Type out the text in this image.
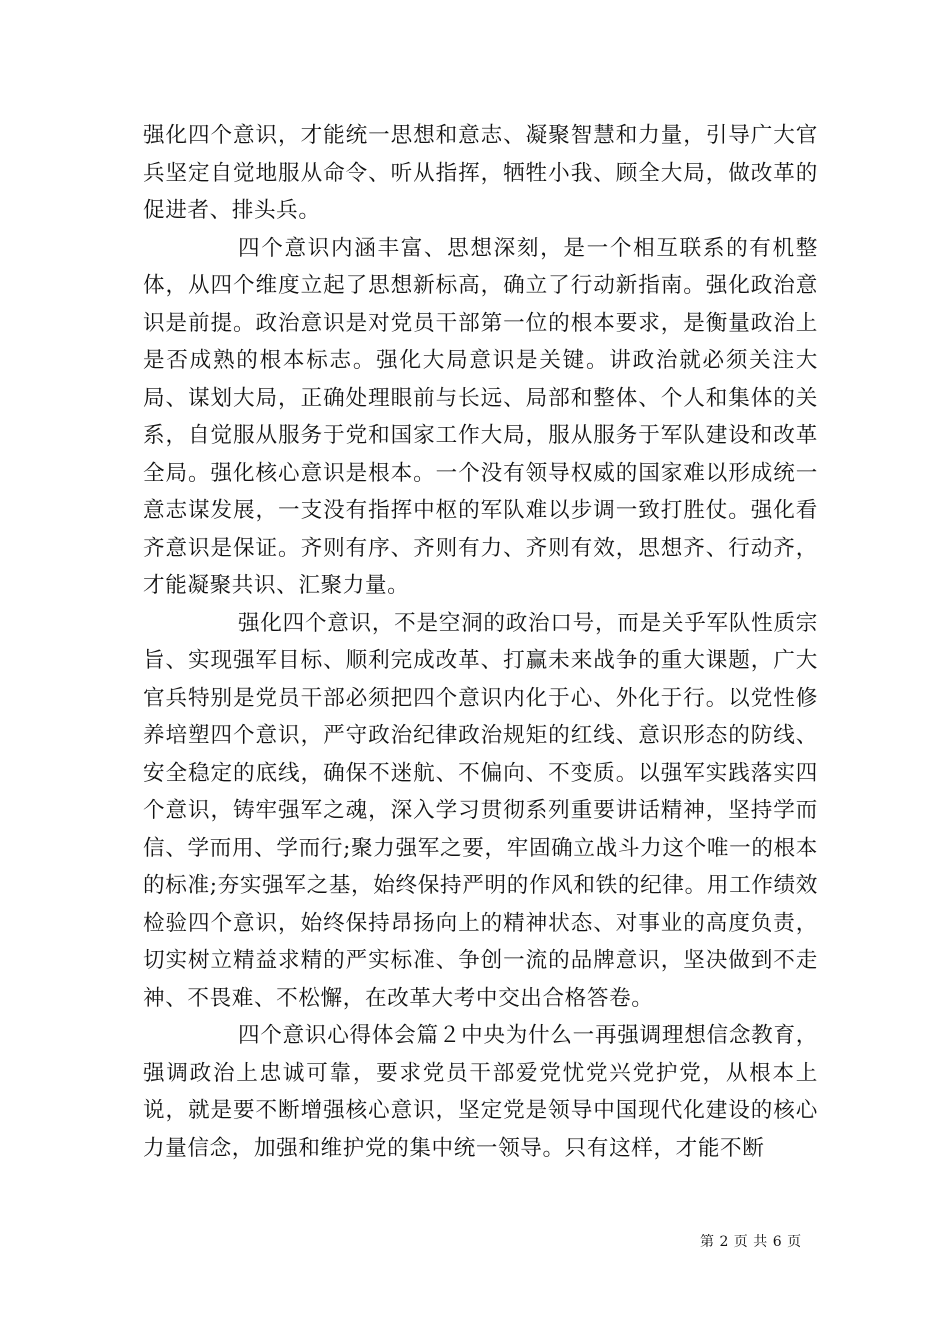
强化四个意识，才能统一思想和意志、凝聚智慧和力量，引导广大官兵坚定自觉地服从命令、听从指挥，牺牲小我、顾全大局，做改革的促进者、排头兵。

四个意识内涵丰富、思想深刻，是一个相互联系的有机整体，从四个维度立起了思想新标高，确立了行动新指南。强化政治意识是前提。政治意识是对党员干部第一位的根本要求，是衡量政治上是否成熟的根本标志。强化大局意识是关键。讲政治就必须关注大局、谋划大局，正确处理眼前与长远、局部和整体、个人和集体的关系，自觉服从服务于党和国家工作大局，服从服务于军队建设和改革全局。强化核心意识是根本。一个没有领导权威的国家难以形成统一意志谋发展，一支没有指挥中枢的军队难以步调一致打胜仗。强化看齐意识是保证。齐则有序、齐则有力、齐则有效，思想齐、行动齐，才能凝聚共识、汇聚力量。

强化四个意识，不是空洞的政治口号，而是关乎军队性质宗旨、实现强军目标、顺利完成改革、打赢未来战争的重大课题，广大官兵特别是党员干部必须把四个意识内化于心、外化于行。以党性修养培塑四个意识，严守政治纪律政治规矩的红线、意识形态的防线、安全稳定的底线，确保不迷航、不偏向、不变质。以强军实践落实四个意识，铸牢强军之魂，深入学习贯彻系列重要讲话精神，坚持学而信、学而用、学而行;聚力强军之要，牢固确立战斗力这个唯一的根本的标准;夯实强军之基，始终保持严明的作风和铁的纪律。用工作绩效检验四个意识，始终保持昂扬向上的精神状态、对事业的高度负责，切实树立精益求精的严实标准、争创一流的品牌意识，坚决做到不走神、不畏难、不松懈，在改革大考中交出合格答卷。

四个意识心得体会篇２中央为什么一再强调理想信念教育，强调政治上忠诚可靠，要求党员干部爱党忧党兴党护党，从根本上说，就是要不断增强核心意识，坚定党是领导中国现代化建设的核心力量信念，加强和维护党的集中统一领导。只有这样，才能不断

第 2 页 共 6 页
